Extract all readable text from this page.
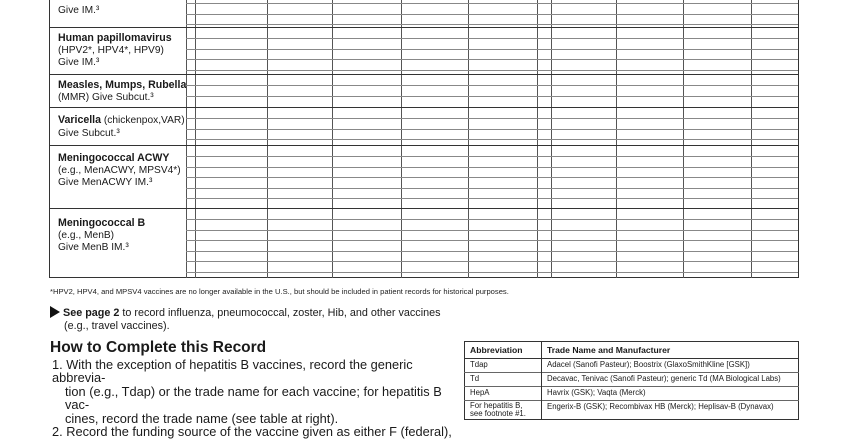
Give IM.³
Human papillomavirus
(HPV2*, HPV4*, HPV9)
Give IM.³
Measles, Mumps, Rubella
(MMR) Give Subcut.³
Varicella (chickenpox,VAR)
Give Subcut.³
Meningococcal ACWY
(e.g., MenACWY, MPSV4*)
Give MenACWY IM.³
Meningococcal B
(e.g., MenB)
Give MenB IM.³
*HPV2, HPV4, and MPSV4 vaccines are no longer available in the U.S., but should be included in patient records for historical purposes.
See page 2 to record influenza, pneumococcal, zoster, Hib, and other vaccines
(e.g., travel vaccines).
How to Complete this Record
1. With the exception of hepatitis B vaccines, record the generic abbrevia-
tion (e.g., Tdap) or the trade name for each vaccine; for hepatitis B vac-
cines, record the trade name (see table at right).
2. Record the funding source of the vaccine given as either F (federal),
Abbreviation	Trade Name and Manufacturer
Tdap	Adacel (Sanofi Pasteur); Boostrix (GlaxoSmithKline [GSK])
Td	Decavac, Tenivac (Sanofi Pasteur); generic Td (MA Biological Labs)
HepA	Havrix (GSK); Vaqta (Merck)
For hepatitis B, see footnote #1.	Engerix-B (GSK); Recombivax HB (Merck); Heplisav-B (Dynavax)
